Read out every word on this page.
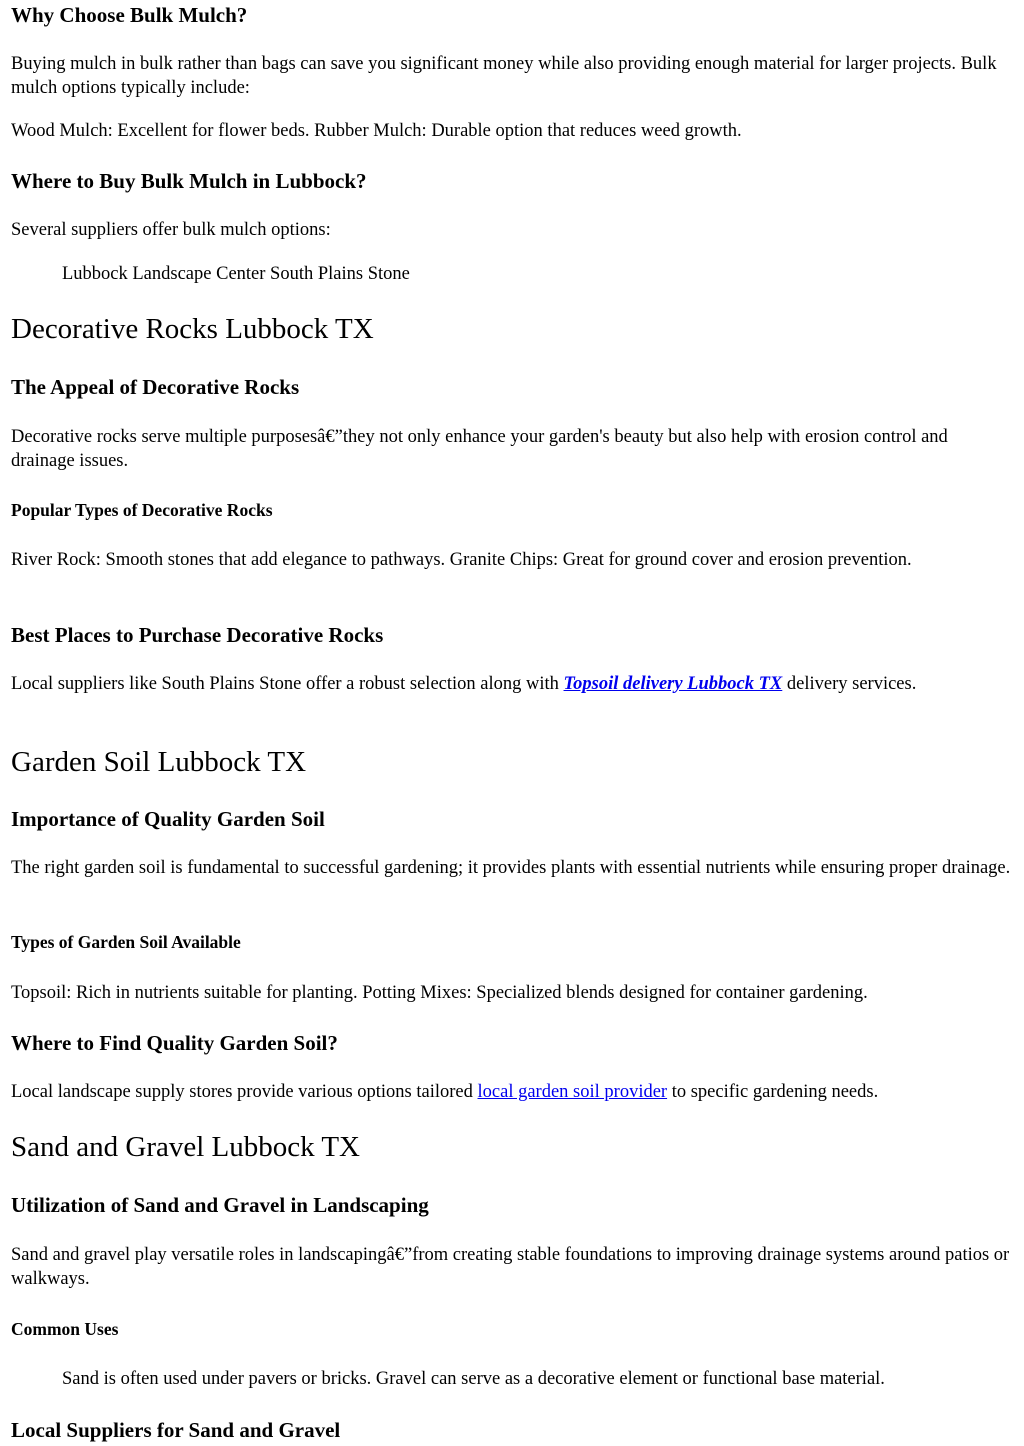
Why Choose Bulk Mulch?

Buying mulch in bulk rather than bags can save you significant money while also providing enough material for larger projects. Bulk mulch options typically include:

Wood Mulch: Excellent for flower beds. Rubber Mulch: Durable option that reduces weed growth.

Where to Buy Bulk Mulch in Lubbock?

Several suppliers offer bulk mulch options:

Lubbock Landscape Center South Plains Stone

Decorative Rocks Lubbock TX
The Appeal of Decorative Rocks

Decorative rocks serve multiple purposesâ€”they not only enhance your garden's beauty but also help with erosion control and drainage issues.

Popular Types of Decorative Rocks

River Rock: Smooth stones that add elegance to pathways. Granite Chips: Great for ground cover and erosion prevention.

Best Places to Purchase Decorative Rocks

Local suppliers like South Plains Stone offer a robust selection along with Topsoil delivery Lubbock TX delivery services.

Garden Soil Lubbock TX
Importance of Quality Garden Soil

The right garden soil is fundamental to successful gardening; it provides plants with essential nutrients while ensuring proper drainage.

Types of Garden Soil Available

Topsoil: Rich in nutrients suitable for planting. Potting Mixes: Specialized blends designed for container gardening.

Where to Find Quality Garden Soil?

Local landscape supply stores provide various options tailored local garden soil provider to specific gardening needs.

Sand and Gravel Lubbock TX
Utilization of Sand and Gravel in Landscaping

Sand and gravel play versatile roles in landscapingâ€”from creating stable foundations to improving drainage systems around patios or walkways.

Common Uses

Sand is often used under pavers or bricks. Gravel can serve as a decorative element or functional base material.

Local Suppliers for Sand and Gravel
